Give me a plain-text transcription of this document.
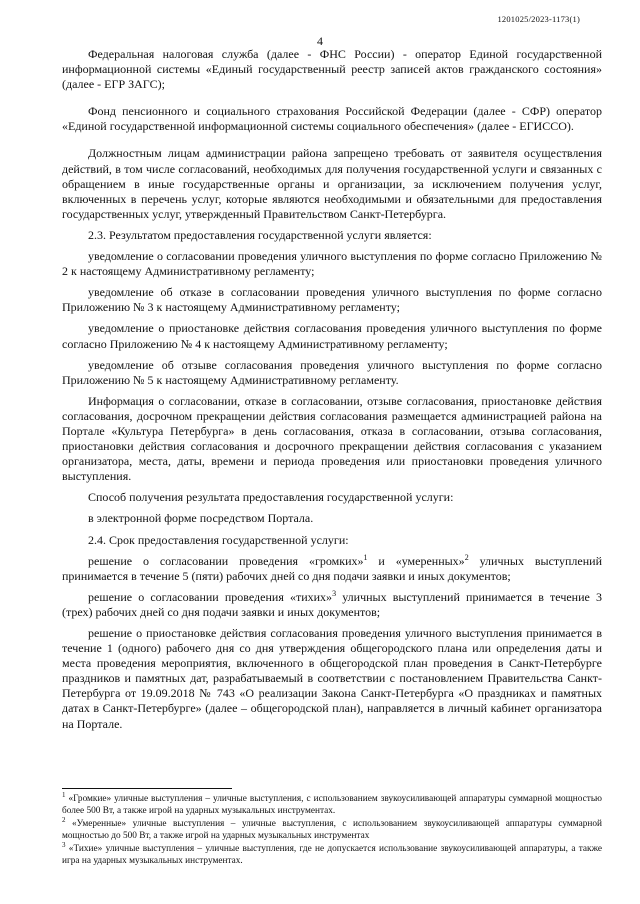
1201025/2023-1173(1)
4

Федеральная налоговая служба (далее - ФНС России) - оператор Единой государственной информационной системы «Единый государственный реестр записей актов гражданского состояния» (далее - ЕГР ЗАГС);

Фонд пенсионного и социального страхования Российской Федерации (далее - СФР) оператор «Единой государственной информационной системы социального обеспечения» (далее - ЕГИССО).

Должностным лицам администрации района запрещено требовать от заявителя осуществления действий, в том числе согласований, необходимых для получения государственной услуги и связанных с обращением в иные государственные органы и организации, за исключением получения услуг, включенных в перечень услуг, которые являются необходимыми и обязательными для предоставления государственных услуг, утвержденный Правительством Санкт-Петербурга.

2.3. Результатом предоставления государственной услуги является:

уведомление о согласовании проведения уличного выступления по форме согласно Приложению № 2 к настоящему Административному регламенту;

уведомление об отказе в согласовании проведения уличного выступления по форме согласно Приложению № 3 к настоящему Административному регламенту;

уведомление о приостановке действия согласования проведения уличного выступления по форме согласно Приложению № 4 к настоящему Административному регламенту;

уведомление об отзыве согласования проведения уличного выступления по форме согласно Приложению № 5 к настоящему Административному регламенту.

Информация о согласовании, отказе в согласовании, отзыве согласования, приостановке действия согласования, досрочном прекращении действия согласования размещается администрацией района на Портале «Культура Петербурга» в день согласования, отказа в согласовании, отзыва согласования, приостановки действия согласования и досрочного прекращении действия согласования с указанием организатора, места, даты, времени и периода проведения или приостановки проведения уличного выступления.

Способ получения результата предоставления государственной услуги:

в электронной форме посредством Портала.

2.4. Срок предоставления государственной услуги:

решение о согласовании проведения «громких»$^1$ и «умеренных»$^2$ уличных выступлений принимается в течение 5 (пяти) рабочих дней со дня подачи заявки и иных документов;

решение о согласовании проведения «тихих»$^3$ уличных выступлений принимается в течение 3 (трех) рабочих дней со дня подачи заявки и иных документов;

решение о приостановке действия согласования проведения уличного выступления принимается в течение 1 (одного) рабочего дня со дня утверждения общегородского плана или определения даты и места проведения мероприятия, включенного в общегородской план проведения в Санкт-Петербурге праздников и памятных дат, разрабатываемый в соответствии с постановлением Правительства Санкт-Петербурга от 19.09.2018 № 743 «О реализации Закона Санкт-Петербурга «О праздниках и памятных датах в Санкт-Петербурге» (далее – общегородской план), направляется в личный кабинет организатора на Портале.

$^1$ «Громкие» уличные выступления – уличные выступления, с использованием звукоусиливающей аппаратуры суммарной мощностью более 500 Вт, а также игрой на ударных музыкальных инструментах.

$^2$ «Умеренные» уличные выступления – уличные выступления, с использованием звукоусиливающей аппаратуры суммарной мощностью до 500 Вт, а также игрой на ударных музыкальных инструментах

$^3$ «Тихие» уличные выступления – уличные выступления, где не допускается использование звукоусиливающей аппаратуры, а также игра на ударных музыкальных инструментах.
